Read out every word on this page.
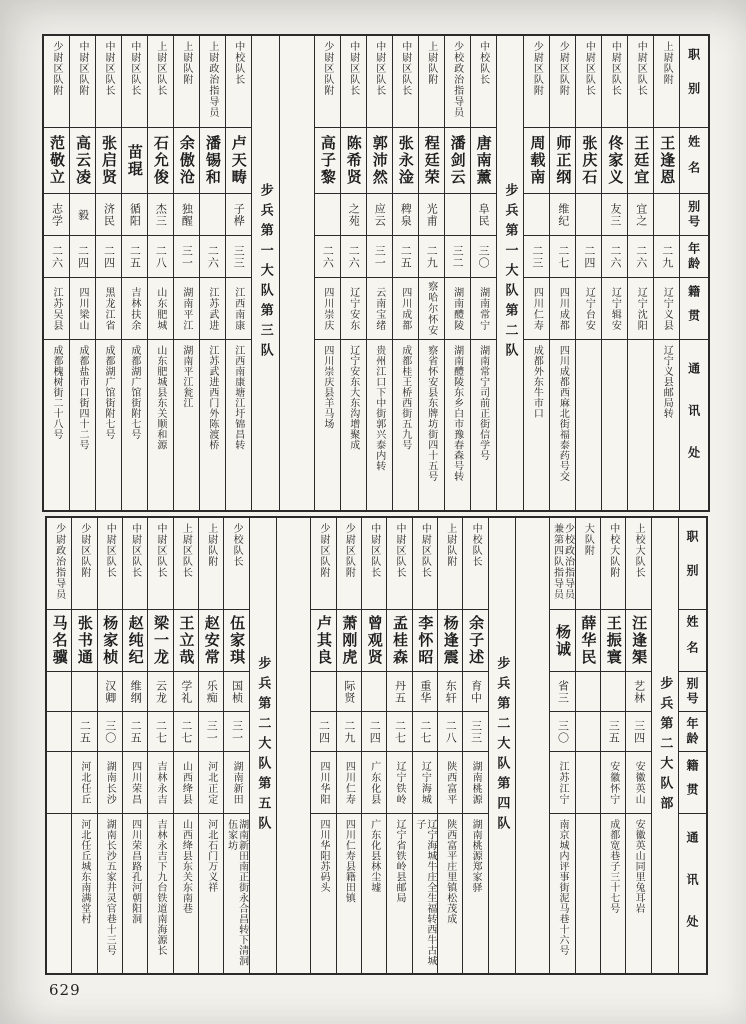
职别
姓名
别号
年龄
籍贯
通讯处
上尉队附
王逢恩
二九
辽宁义县
辽宁义县邮局转
中尉区队长
王廷宜
宜之
二六
辽宁沈阳
中尉区队长
佟家义
友三
二六
辽宁辑安
中尉区队长
张庆石
二四
辽宁台安
少尉区队附
师正纲
维纪
二七
四川成都
四川成都西麻北街福泰药号交
少尉区队附
周载南
二三
四川仁寿
成都外东牛市口
步兵第一大队第二队
中校队长
唐南薰
阜民
三〇
湖南常宁
湖南常宁司前正街信学号
少校政治指导员
潘剑云
三二
湖南醴陵
湖南醴陵东乡白市豫春森号转
上尉队附
程廷荣
光甫
二九
察哈尔怀安
察省怀安县东牌坊街四十五号
中尉区队长
张永淦
稗泉
二五
四川成都
成都桂王桥西街五九号
中尉区队长
郭沛然
应云
三一
云南宝绪
贵州江口下中街郭兴泰内转
中尉区队长
陈希贤
之苑
二六
辽宁安东
辽宁安东大东沟增聚成
少尉区队附
高子黎
二六
四川崇庆
四川崇庆县羊马场
步兵第一大队第三队
中校队长
卢天畴
子桦
三三
江西南康
江西南康塘江圩锦昌转
上尉政治指导员
潘锡和
二六
江苏武进
江苏武进西门外陈渡桥
上尉队附
余傲沧
独醒
三一
湖南平江
湖南平江瓮江
上尉区队长
石允俊
杰三
二八
山东肥城
山东肥城县东关顺和源
中尉区队长
苗琨
循阳
二五
吉林扶余
成都湖广馆街附七号
中尉区队长
张启贤
济民
二四
黑龙江省
成都湖广馆街附七号
中尉区队附
高云凌
毅
二四
四川梁山
成都盐市口街四十二号
少尉区队附
范敬立
志学
二六
江苏吴县
成都槐树街二十八号
职别
姓名
别号
年龄
籍贯
通讯处
步兵第二大队部
上校大队长
汪逢榘
艺林
三四
安徽英山
安徽英山同里兔耳岩
中校大队附
王振寰
三五
安徽怀宁
成都宽巷子三十七号
大队附
薛华民
少校政治指导员兼第四队指导员
杨诚
省三
三〇
江苏江宁
南京城内评事街泥马巷十六号
步兵第二大队第四队
中校队长
余子述
育中
三三
湖南桃源
湖南桃源郑家驿
上尉队附
杨逢震
东轩
二八
陕西富平
陕西富平庄里镇松茂成
中尉区队长
李怀昭
重华
二七
辽宁海城
辽宁海城牛庄全生福转西牛古城子
中尉区队长
孟桂森
丹五
二七
辽宁铁岭
辽宁省铁岭县邮局
中尉区队长
曾观贤
二四
广东化县
广东化县林尘墟
少尉区队附
萧刚虎
际贤
二九
四川仁寿
四川仁寿县籍田镇
少尉区队附
卢其良
二四
四川华阳
四川华阳苏码头
步兵第二大队第五队
少校队长
伍家琪
国桢
三一
湖南新田
湖南新田南正街永合昌转下清洞伍家坊
上尉队附
赵安常
乐痴
三一
河北正定
河北石门万义祥
上尉区队长
王立哉
学礼
二七
山西绛县
山西绛县东关东南巷
中尉区队长
梁一龙
云龙
二七
吉林永吉
吉林永吉下九台铁道南海源长
中尉区队长
赵纯纪
维纲
二五
四川荣昌
四川荣昌路孔河朝阳洞
中尉区队长
杨家桢
汉卿
三〇
湖南长沙
湖南长沙五家井灵官巷十三号
少尉区队附
张书通
二五
河北任丘
河北任丘城东南满堂村
少尉政治指导员
马名骥
629
